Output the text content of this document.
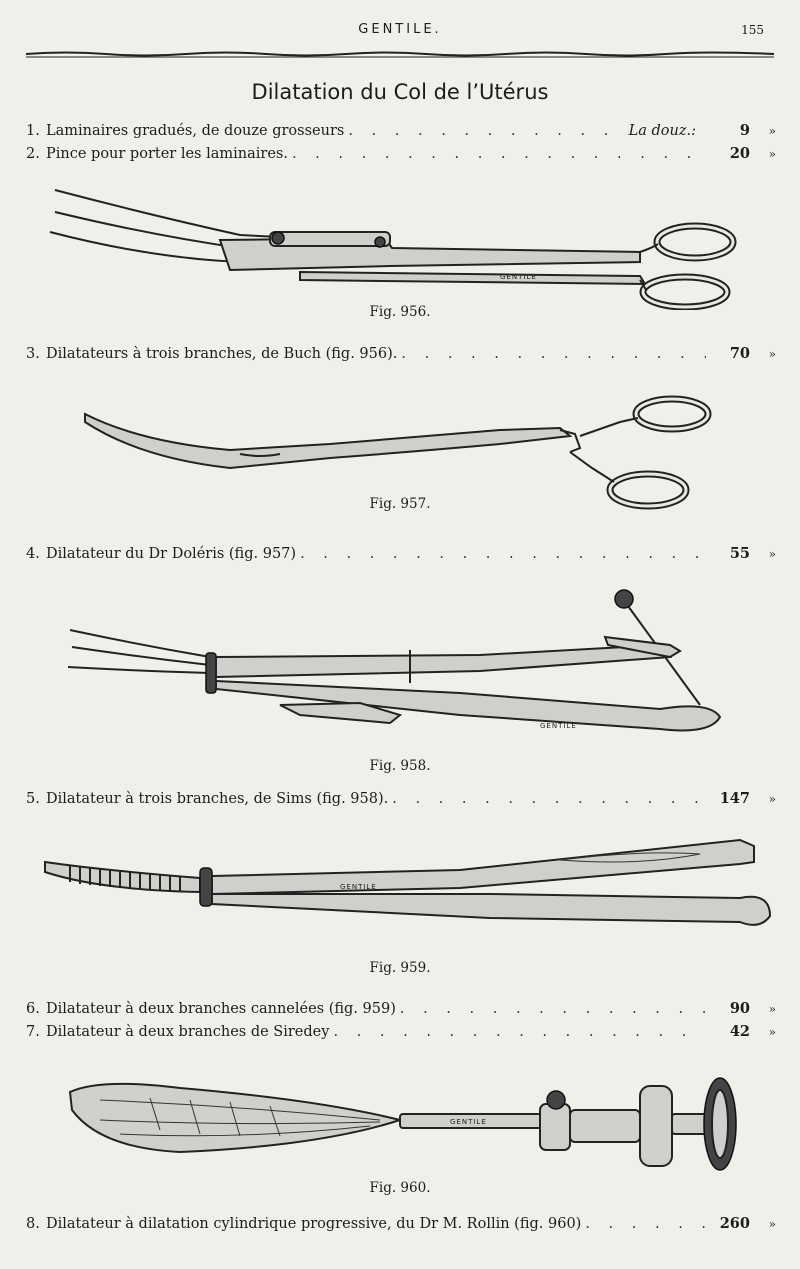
GENTILE.	155
Dilatation du Col de l’Utérus
1. Laminaires gradués, de douze grosseurs . . .	La douz.:	9	»
2. Pince pour porter les laminaires. . . .	20	»
GENTILE
Fig. 956.
3. Dilatateurs à trois branches, de Buch (fig. 956). . . .	70	»
Fig. 957.
4. Dilatateur du Dr Doléris (fig. 957) . . .	55	»
GENTILE
Fig. 958.
5. Dilatateur à trois branches, de Sims (fig. 958). . . .	147	»
GENTILE
Fig. 959.
6. Dilatateur à deux branches cannelées (fig. 959) . . .	90	»
7. Dilatateur à deux branches de Siredey . . .	42	»
GENTILE
Fig. 960.
8. Dilatateur à dilatation cylindrique progressive, du Dr M. Rollin (fig. 960) . . .	260	»
